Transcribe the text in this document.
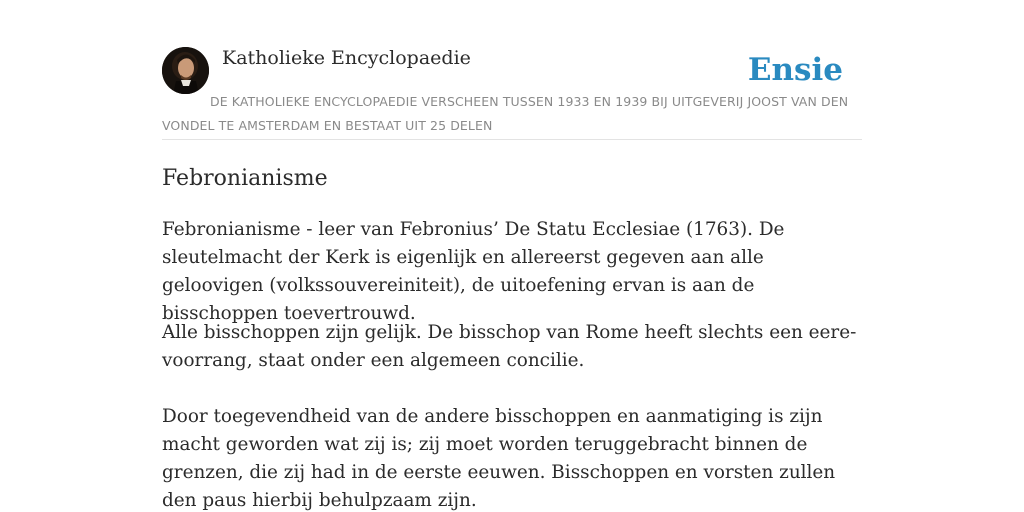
Katholieke Encyclopaedie	Ensie
DE KATHOLIEKE ENCYCLOPAEDIE VERSCHEEN TUSSEN 1933 EN 1939 BIJ UITGEVERIJ JOOST VAN DEN VONDEL TE AMSTERDAM EN BESTAAT UIT 25 DELEN
Febronianisme

Febronianisme - leer van Febronius’ De Statu Ecclesiae (1763). De sleutelmacht der Kerk is eigenlijk en allereerst gegeven aan alle geloovigen (volkssouvereiniteit), de uitoefening ervan is aan de bisschoppen toevertrouwd.

Alle bisschoppen zijn gelijk. De bisschop van Rome heeft slechts een eere-voorrang, staat onder een algemeen concilie.

Door toegevendheid van de andere bisschoppen en aanmatiging is zijn macht geworden wat zij is; zij moet worden teruggebracht binnen de grenzen, die zij had in de eerste eeuwen. Bisschoppen en vorsten zullen den paus hierbij behulpzaam zijn.
